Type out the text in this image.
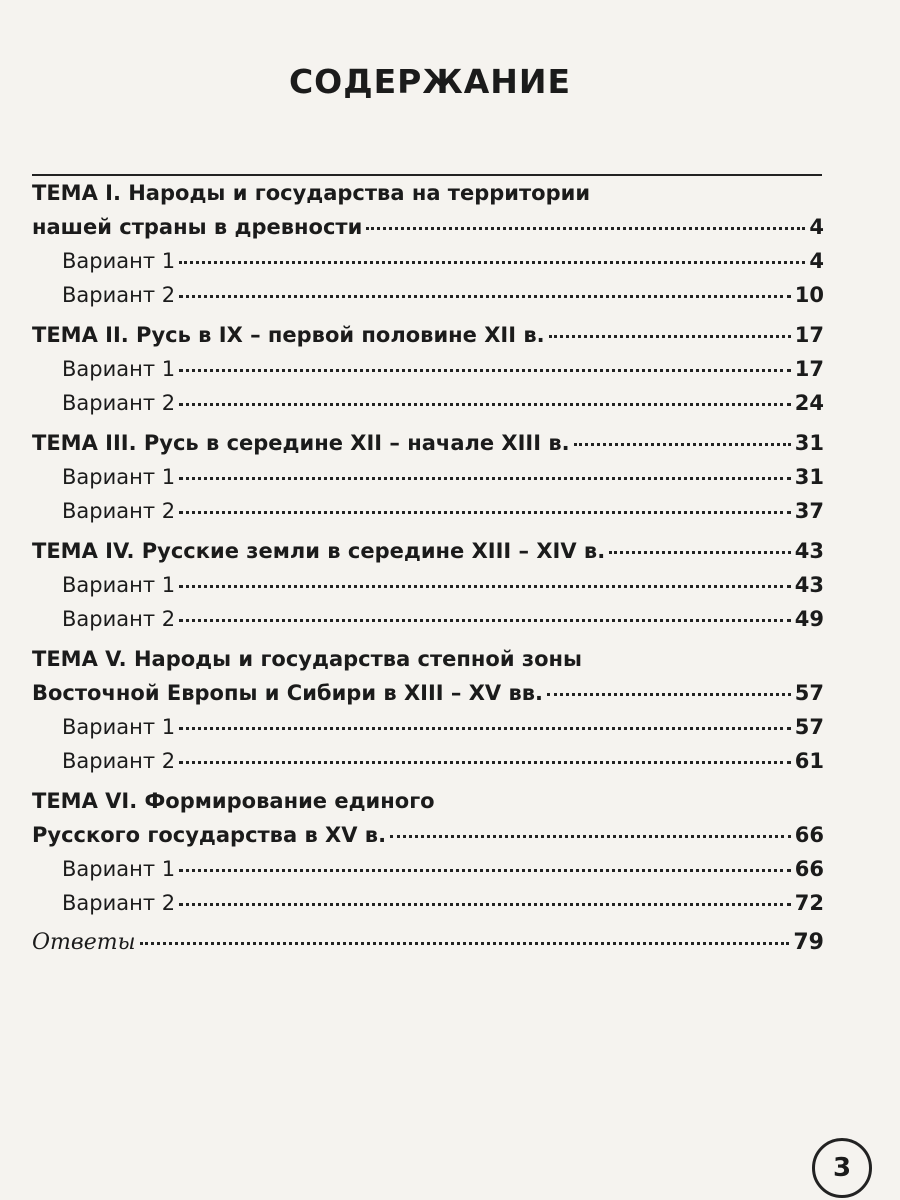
СОДЕРЖАНИЕ
ТЕМА I. Народы и государства на территории
нашей страны в древности	4
Вариант 1	4
Вариант 2	10
ТЕМА II. Русь в IX – первой половине XII в.	17
Вариант 1	17
Вариант 2	24
ТЕМА III. Русь в середине XII – начале XIII в.	31
Вариант 1	31
Вариант 2	37
ТЕМА IV. Русские земли в середине XIII – XIV в.	43
Вариант 1	43
Вариант 2	49
ТЕМА V. Народы и государства степной зоны
Восточной Европы и Сибири в XIII – XV вв.	57
Вариант 1	57
Вариант 2	61
ТЕМА VI. Формирование единого
Русского государства в XV в.	66
Вариант 1	66
Вариант 2	72
Ответы	79
3
